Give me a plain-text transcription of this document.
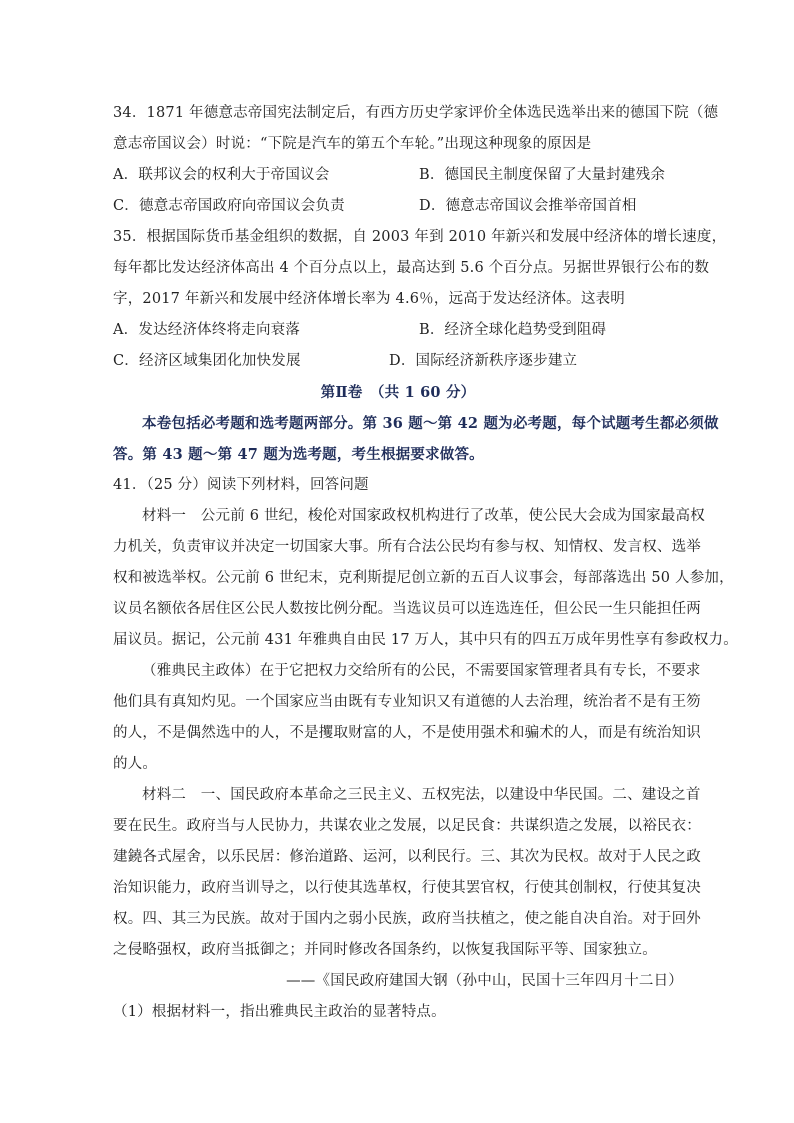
34．1871 年德意志帝国宪法制定后，有西方历史学家评价全体选民选举出来的德国下院（德
意志帝国议会）时说：“下院是汽车的第五个车轮。”出现这种现象的原因是
A．联邦议会的权利大于帝国议会	B．德国民主制度保留了大量封建残余
C．德意志帝国政府向帝国议会负责	D．德意志帝国议会推举帝国首相
35．根据国际货币基金组织的数据，自 2003 年到 2010 年新兴和发展中经济体的增长速度，
每年都比发达经济体高出 4 个百分点以上，最高达到 5.6 个百分点。另据世界银行公布的数
字，2017 年新兴和发展中经济体增长率为 4.6％，远高于发达经济体。这表明
A．发达经济体终将走向衰落	B．经济全球化趋势受到阻碍
C．经济区域集团化加快发展	D．国际经济新秩序逐步建立
第Ⅱ卷　（共 1 60 分）
本卷包括必考题和选考题两部分。第 36 题～第 42 题为必考题，每个试题考生都必须做
答。第 43 题～第 47 题为选考题，考生根据要求做答。
41．（25 分）阅读下列材料，回答问题
材料一　公元前 6 世纪，梭伦对国家政权机构进行了改革，使公民大会成为国家最高权
力机关，负责审议并决定一切国家大事。所有合法公民均有参与权、知情权、发言权、选举
权和被选举权。公元前 6 世纪末，克利斯提尼创立新的五百人议事会，每部落选出 50 人参加，
议员名额依各居住区公民人数按比例分配。当选议员可以连选连任，但公民一生只能担任两
届议员。据记，公元前 431 年雅典自由民 17 万人，其中只有的四五万成年男性享有参政权力。
（雅典民主政体）在于它把权力交给所有的公民，不需要国家管理者具有专长，不要求
他们具有真知灼见。一个国家应当由既有专业知识又有道德的人去治理，统治者不是有王笏
的人，不是偶然选中的人，不是攫取财富的人，不是使用强术和骗术的人，而是有统治知识
的人。
材料二　一、国民政府本革命之三民主义、五权宪法，以建设中华民国。二、建设之首
要在民生。政府当与人民协力，共谋农业之发展，以足民食：共谋织造之发展，以裕民衣：
建鐃各式屋舍，以乐民居：修治道路、运河，以利民行。三、其次为民权。故对于人民之政
治知识能力，政府当训导之，以行使其选革权，行使其罢官权，行使其创制权，行使其复决
权。四、其三为民族。故对于国内之弱小民族，政府当扶植之，使之能自决自治。对于回外
之侵略强权，政府当抵御之；并同时修改各国条约，以恢复我国际平等、国家独立。
——《国民政府建国大钢（孙中山，民国十三年四月十二日）
（1）根据材料一，指出雅典民主政治的显著特点。
